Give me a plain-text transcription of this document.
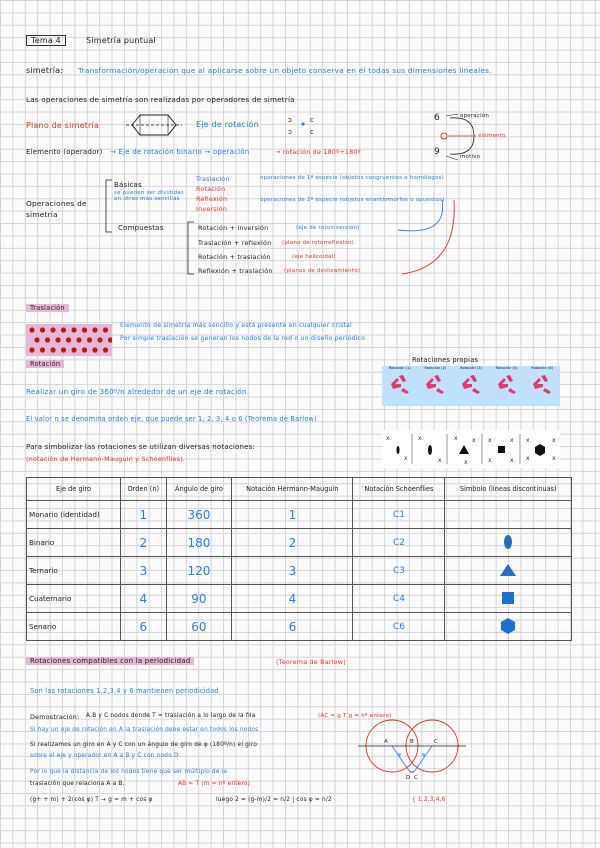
Tema 4	Simetría puntual
simetría: Transformación/operación que al aplicarse sobre un objeto conserva en él todas sus dimensiones lineales.
Las operaciones de simetría son realizadas por operadores de simetría
Plano de simetría	Eje de rotación	ↄ	c
ↄ	c
Elemento (operador) → Eje de rotación binario → operación	→ rotación de 180º+180º
6
9
operación
elemento
motivo
Operaciones de simetría
Básicas
se pueden ser divididas en otras más sencillas
Compuestas
Traslación
Rotación
Reflexión
Inversión
operaciones de 1ª especie (objetos congruentes o homólogos)
operaciones de 2ª especie (objetos enantiomorfos o opuestos)
Rotación + inversión	(eje de rotoinversión)
Traslación + reflexión (plano de rotorreflexión)
Rotación + traslación	(eje helicoidal)
Reflexión + traslación (planos de deslizamiento)
Traslación
Elemento de simetría más sencillo y está presente en cualquier cristal
Por simple traslación se generan los nodos de la red o un diseño periódico
Rotación	Rotaciones propias
Rotación (1)	Rotación (2)	Rotación (3)	Rotación (4)	Rotación (6)
Realizar un giro de 360º/n alrededor de un eje de rotación.
El valor n se denomina orden eje, que puede ser 1, 2, 3, 4 o 6 (Teorema de Barlow)
Para simbolizar las rotaciones se utilizan diversas notaciones:
(notación de Hermann-Mauguin y Schoenflies).
x
x
x
x
x x
x
x	x
x	x
x	x
x	x
Eje de giro	Orden (n)	Ángulo de giro	Notación Hermann-Mauguin	Notación Schoenflies	Símbolo (líneas discontinuas)
Monario (identidad)	1	360	1	C1	
Binario	2	180	2	C2	
Ternario	3	120	3	C3	
Cuaternario	4	90	4	C4	
Senario	6	60	6	C6	
Rotaciones compatibles con la periodicidad	(Teorema de Barlow)
Son las rotaciones 1,2,3,4 y 6 mantienen periodicidad
Demostración: A,B y C nodos donde T = traslación a lo largo de la fila	(AC = g T g = nº entero)
Si hay un eje de rotación en A la traslación debe estar en todos los nodos
Si realizamos un giro en A y C con un ángulo de giro de φ (180º/n) el giro
sobre el eje y operador en A a B y C con nodo D
Por lo que la distancia de los nodos tiene que ser múltiplo de la
traslación que relaciona A a B.	AB = T (m = nº entero)
(g+ + m) + 2(cos φ) T → g = m + cos φ	luego 2 = (g-m)/2 = n/2 | cos φ = n/2	{ 1,2,3,4,6
A	B	C
D C
φ	φ
